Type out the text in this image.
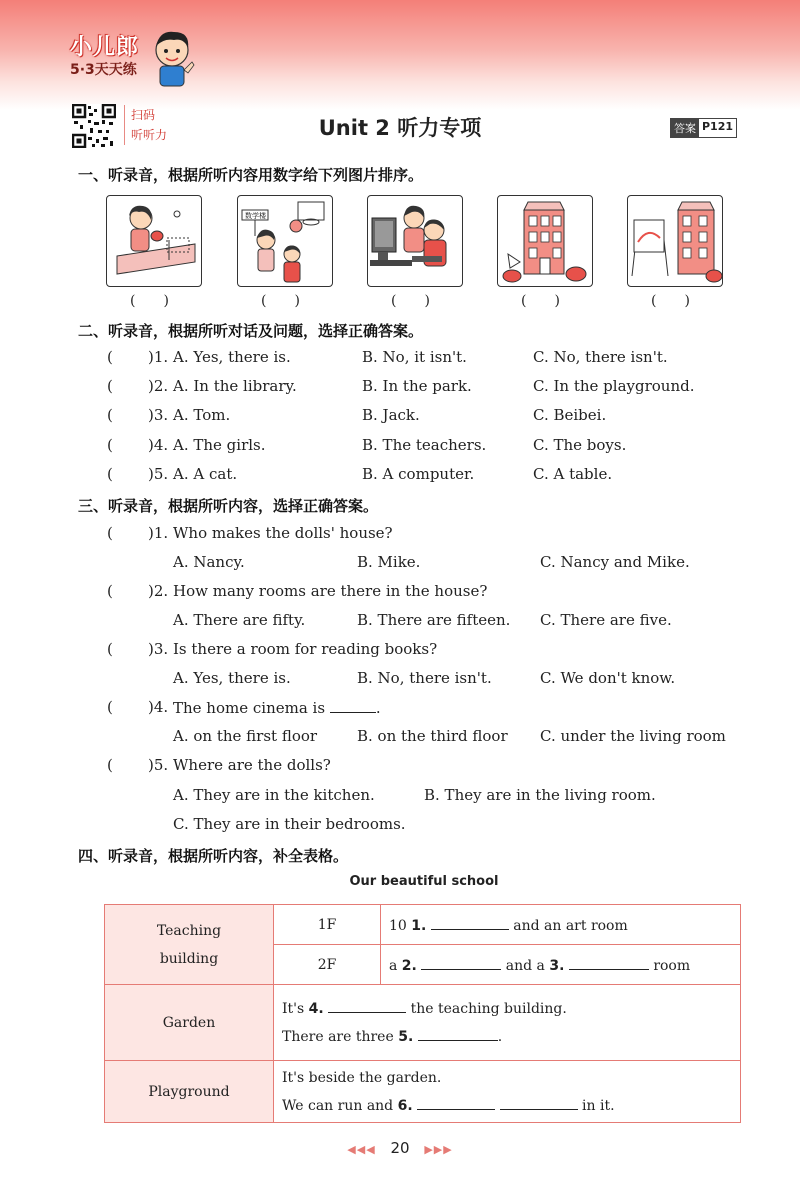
小儿郎
5·3天天练
扫码
听听力	Unit 2 听力专项	答案 P121
一、听录音，根据所听内容用数字给下列图片排序。
数学楼
(　　)	(　　)	(　　)	(　　)	(　　)
二、听录音，根据所听对话及问题，选择正确答案。
( )1. A. Yes, there is.	B. No, it isn't.	C. No, there isn't.
( )2. A. In the library.	B. In the park.	C. In the playground.
( )3. A. Tom.	B. Jack.	C. Beibei.
( )4. A. The girls.	B. The teachers.	C. The boys.
( )5. A. A cat.	B. A computer.	C. A table.
三、听录音，根据所听内容，选择正确答案。
( )1. Who makes the dolls' house?
A. Nancy.	B. Mike.	C. Nancy and Mike.
( )2. How many rooms are there in the house?
A. There are fifty.	B. There are fifteen. C. There are five.
( )3. Is there a room for reading books?
A. Yes, there is.	B. No, there isn't.	C. We don't know.
( )4. The home cinema is	.
A. on the first floor	B. on the third floor C. under the living room
( )5. Where are the dolls?
A. They are in the kitchen.	B. They are in the living room.
C. They are in their bedrooms.
四、听录音，根据所听内容，补全表格。
Our beautiful school
Teaching building	1F	10 1. and an art room
	2F	a 2. and a 3. room
Garden	It's 4. the teaching building.
There are three 5. .	

Playground	It's beside the garden.
We can run and 6. in it.	
◀◀◀ 20 ▶▶▶
